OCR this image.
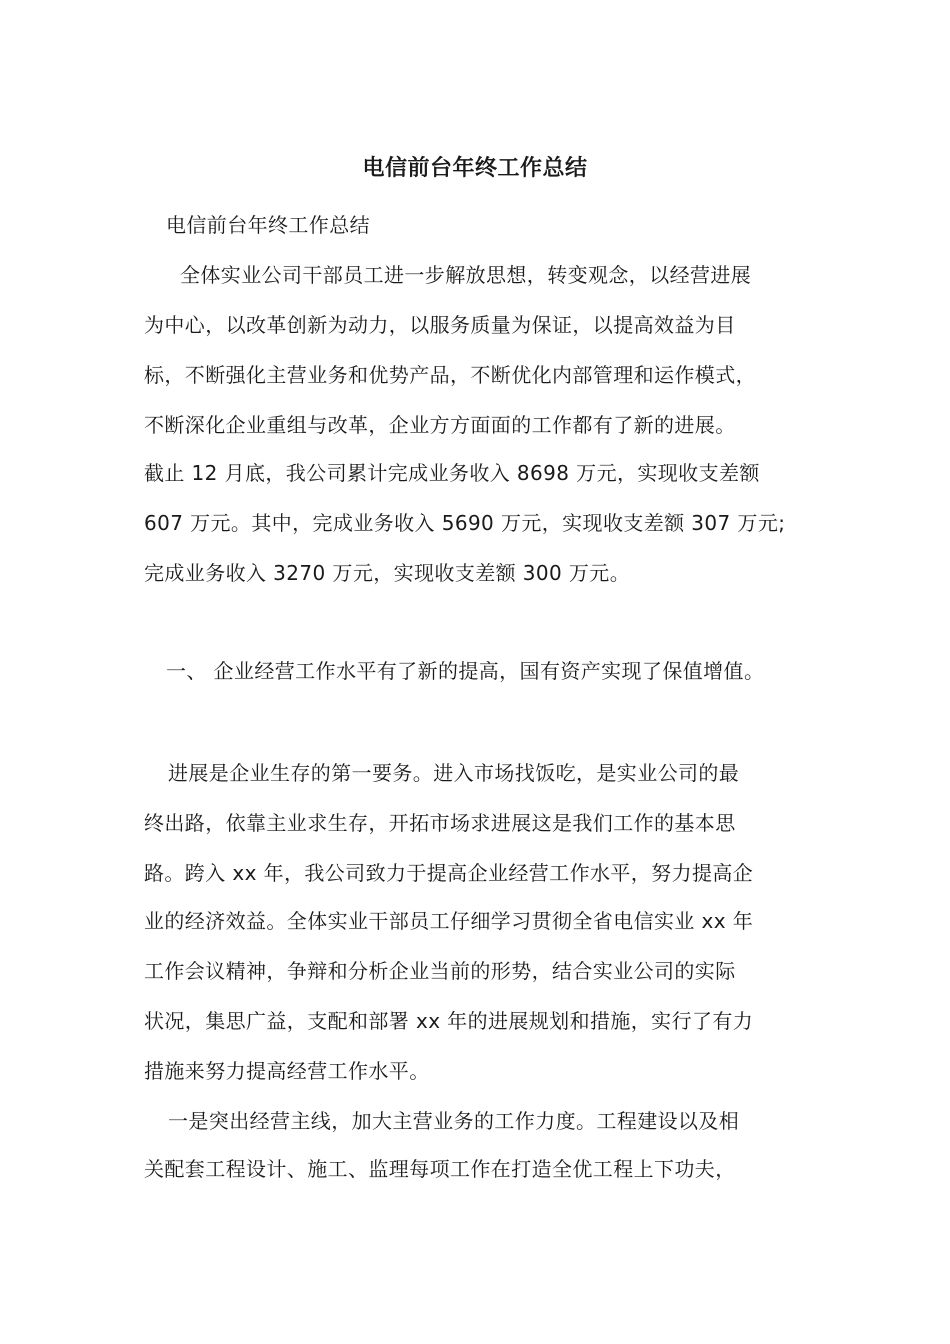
电信前台年终工作总结
电信前台年终工作总结
全体实业公司干部员工进一步解放思想，转变观念，以经营进展
为中心，以改革创新为动力，以服务质量为保证，以提高效益为目
标，不断强化主营业务和优势产品，不断优化内部管理和运作模式，
不断深化企业重组与改革，企业方方面面的工作都有了新的进展。
截止 12 月底，我公司累计完成业务收入 8698 万元，实现收支差额
607 万元。其中，完成业务收入 5690 万元，实现收支差额 307 万元;
完成业务收入 3270 万元，实现收支差额 300 万元。
一、 企业经营工作水平有了新的提高，国有资产实现了保值增值。
进展是企业生存的第一要务。进入市场找饭吃，是实业公司的最
终出路，依靠主业求生存，开拓市场求进展这是我们工作的基本思
路。跨入 xx 年，我公司致力于提高企业经营工作水平，努力提高企
业的经济效益。全体实业干部员工仔细学习贯彻全省电信实业 xx 年
工作会议精神，争辩和分析企业当前的形势，结合实业公司的实际
状况，集思广益，支配和部署 xx 年的进展规划和措施，实行了有力
措施来努力提高经营工作水平。
一是突出经营主线，加大主营业务的工作力度。工程建设以及相
关配套工程设计、施工、监理每项工作在打造全优工程上下功夫，
